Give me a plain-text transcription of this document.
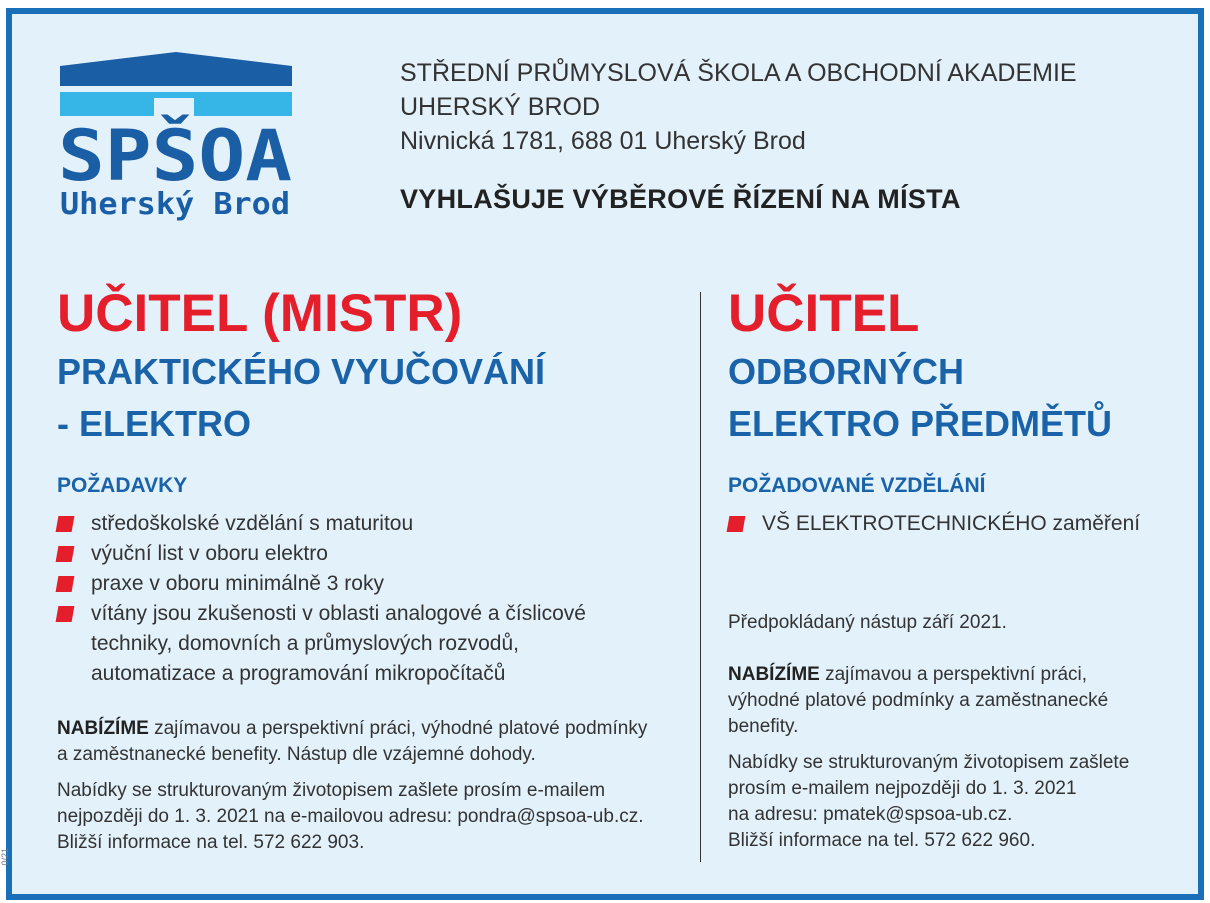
SPŠOA
Uherský Brod
STŘEDNÍ PRŮMYSLOVÁ ŠKOLA A OBCHODNÍ AKADEMIE
UHERSKÝ BROD
Nivnická 1781, 688 01 Uherský Brod
VYHLAŠUJE VÝBĚROVÉ ŘÍZENÍ NA MÍSTA
UČITEL (MISTR)
PRAKTICKÉHO VYUČOVÁNÍ
- ELEKTRO
POŽADAVKY
středoškolské vzdělání s maturitou
výuční list v oboru elektro
praxe v oboru minimálně 3 roky
vítány jsou zkušenosti v oblasti analogové a číslicové
techniky, domovních a průmyslových rozvodů,
automatizace a programování mikropočítačů
NABÍZÍME zajímavou a perspektivní práci, výhodné platové podmínky
a zaměstnanecké benefity. Nástup dle vzájemné dohody.
Nabídky se strukturovaným životopisem zašlete prosím e-mailem
nejpozději do 1. 3. 2021 na e-mailovou adresu: pondra@spsoa-ub.cz.
Bližší informace na tel. 572 622 903.
UČITEL
ODBORNÝCH
ELEKTRO PŘEDMĚTŮ
POŽADOVANÉ VZDĚLÁNÍ
VŠ ELEKTROTECHNICKÉHO zaměření
Předpokládaný nástup září 2021.
NABÍZÍME zajímavou a perspektivní práci,
výhodné platové podmínky a zaměstnanecké
benefity.
Nabídky se strukturovaným životopisem zašlete
prosím e-mailem nejpozději do 1. 3. 2021
na adresu: pmatek@spsoa-ub.cz.
Bližší informace na tel. 572 622 960.
0/21
